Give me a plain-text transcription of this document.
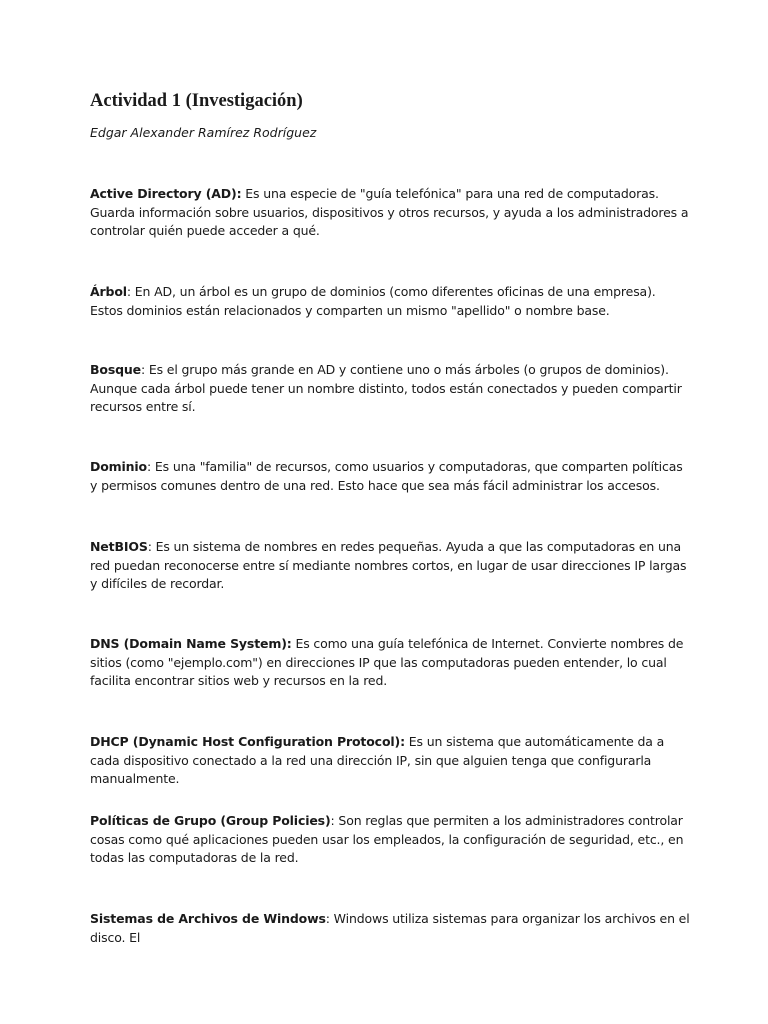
Actividad 1 (Investigación)
Edgar Alexander Ramírez Rodríguez

Active Directory (AD): Es una especie de "guía telefónica" para una red de computadoras. Guarda información sobre usuarios, dispositivos y otros recursos, y ayuda a los administradores a controlar quién puede acceder a qué.

Árbol: En AD, un árbol es un grupo de dominios (como diferentes oficinas de una empresa). Estos dominios están relacionados y comparten un mismo "apellido" o nombre base.

Bosque: Es el grupo más grande en AD y contiene uno o más árboles (o grupos de dominios). Aunque cada árbol puede tener un nombre distinto, todos están conectados y pueden compartir recursos entre sí.

Dominio: Es una "familia" de recursos, como usuarios y computadoras, que comparten políticas y permisos comunes dentro de una red. Esto hace que sea más fácil administrar los accesos.

NetBIOS: Es un sistema de nombres en redes pequeñas. Ayuda a que las computadoras en una red puedan reconocerse entre sí mediante nombres cortos, en lugar de usar direcciones IP largas y difíciles de recordar.

DNS (Domain Name System): Es como una guía telefónica de Internet. Convierte nombres de sitios (como "ejemplo.com") en direcciones IP que las computadoras pueden entender, lo cual facilita encontrar sitios web y recursos en la red.

DHCP (Dynamic Host Configuration Protocol): Es un sistema que automáticamente da a cada dispositivo conectado a la red una dirección IP, sin que alguien tenga que configurarla manualmente.

Políticas de Grupo (Group Policies): Son reglas que permiten a los administradores controlar cosas como qué aplicaciones pueden usar los empleados, la configuración de seguridad, etc., en todas las computadoras de la red.

Sistemas de Archivos de Windows: Windows utiliza sistemas para organizar los archivos en el disco. El
